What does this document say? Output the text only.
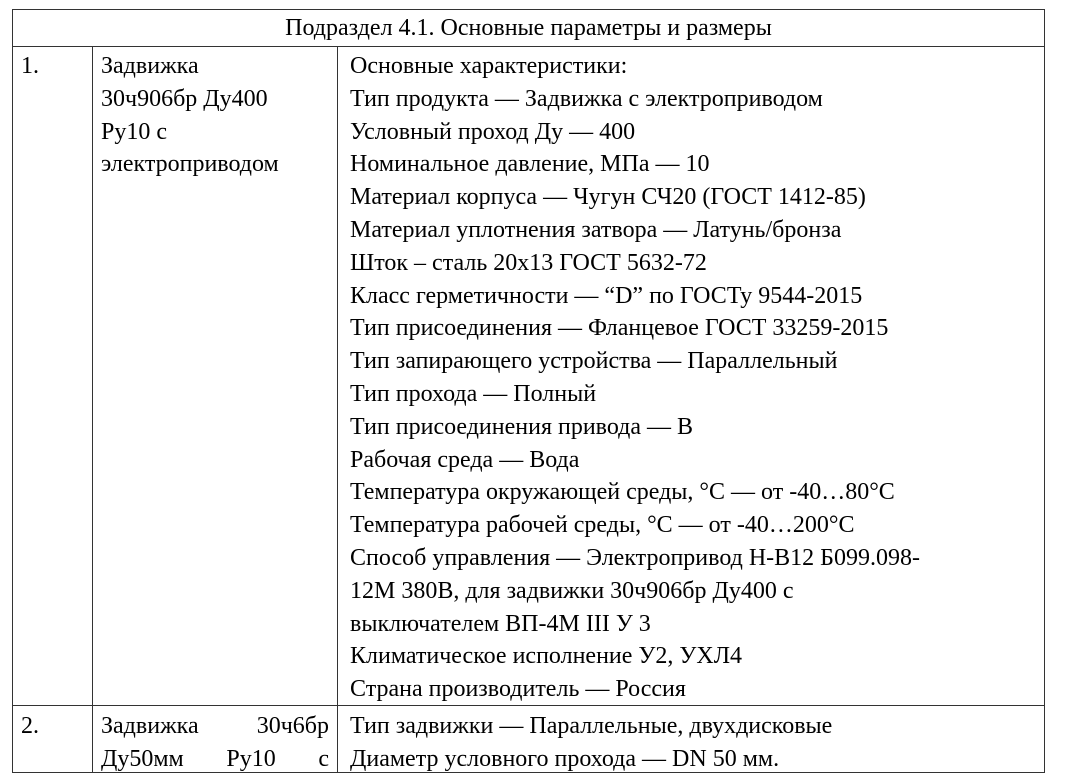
Подраздел 4.1. Основные параметры и размеры
1.	Задвижка
30ч906бр Ду400
Ру10 с
электроприводом
Основные характеристики:
Тип продукта — Задвижка с электроприводом
Условный проход Ду — 400
Номинальное давление, МПа — 10
Материал корпуса — Чугун СЧ20 (ГОСТ 1412-85)
Материал уплотнения затвора — Латунь/бронза
Шток – сталь 20х13 ГОСТ 5632-72
Класс герметичности — “D” по ГОСТу 9544-2015
Тип присоединения — Фланцевое ГОСТ 33259-2015
Тип запирающего устройства — Параллельный
Тип прохода — Полный
Тип присоединения привода — В
Рабочая среда — Вода
Температура окружающей среды, °С — от -40…80°С
Температура рабочей среды, °С — от -40…200°С
Способ управления — Электропривод Н-В12 Б099.098-
12М 380В, для задвижки 30ч906бр Ду400 с
выключателем ВП-4М III У 3
Климатическое исполнение У2, УХЛ4
Страна производитель — Россия
2.	Задвижка 30ч6бр
Ду50мм Ру10 с
Тип задвижки — Параллельные, двухдисковые
Диаметр условного прохода — DN 50 мм.
